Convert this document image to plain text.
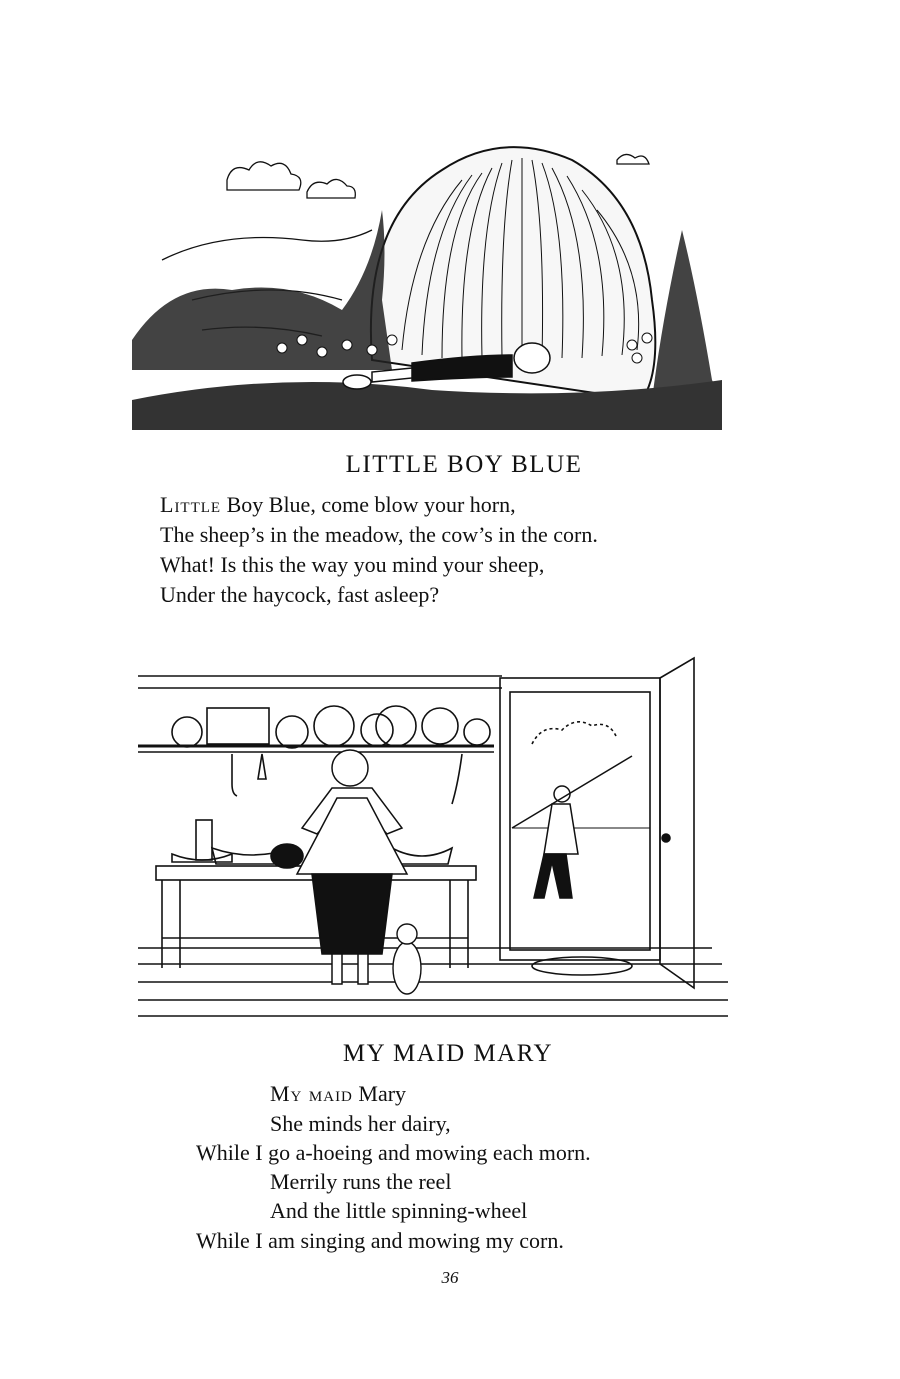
LITTLE BOY BLUE

Little Boy Blue, come blow your horn,

The sheep’s in the meadow, the cow’s in the corn.

What! Is this the way you mind your sheep,

Under the haycock, fast asleep?

MY MAID MARY

My maid Mary

She minds her dairy,

While I go a-hoeing and mowing each morn.

Merrily runs the reel

And the little spinning-wheel

While I am singing and mowing my corn.

36
